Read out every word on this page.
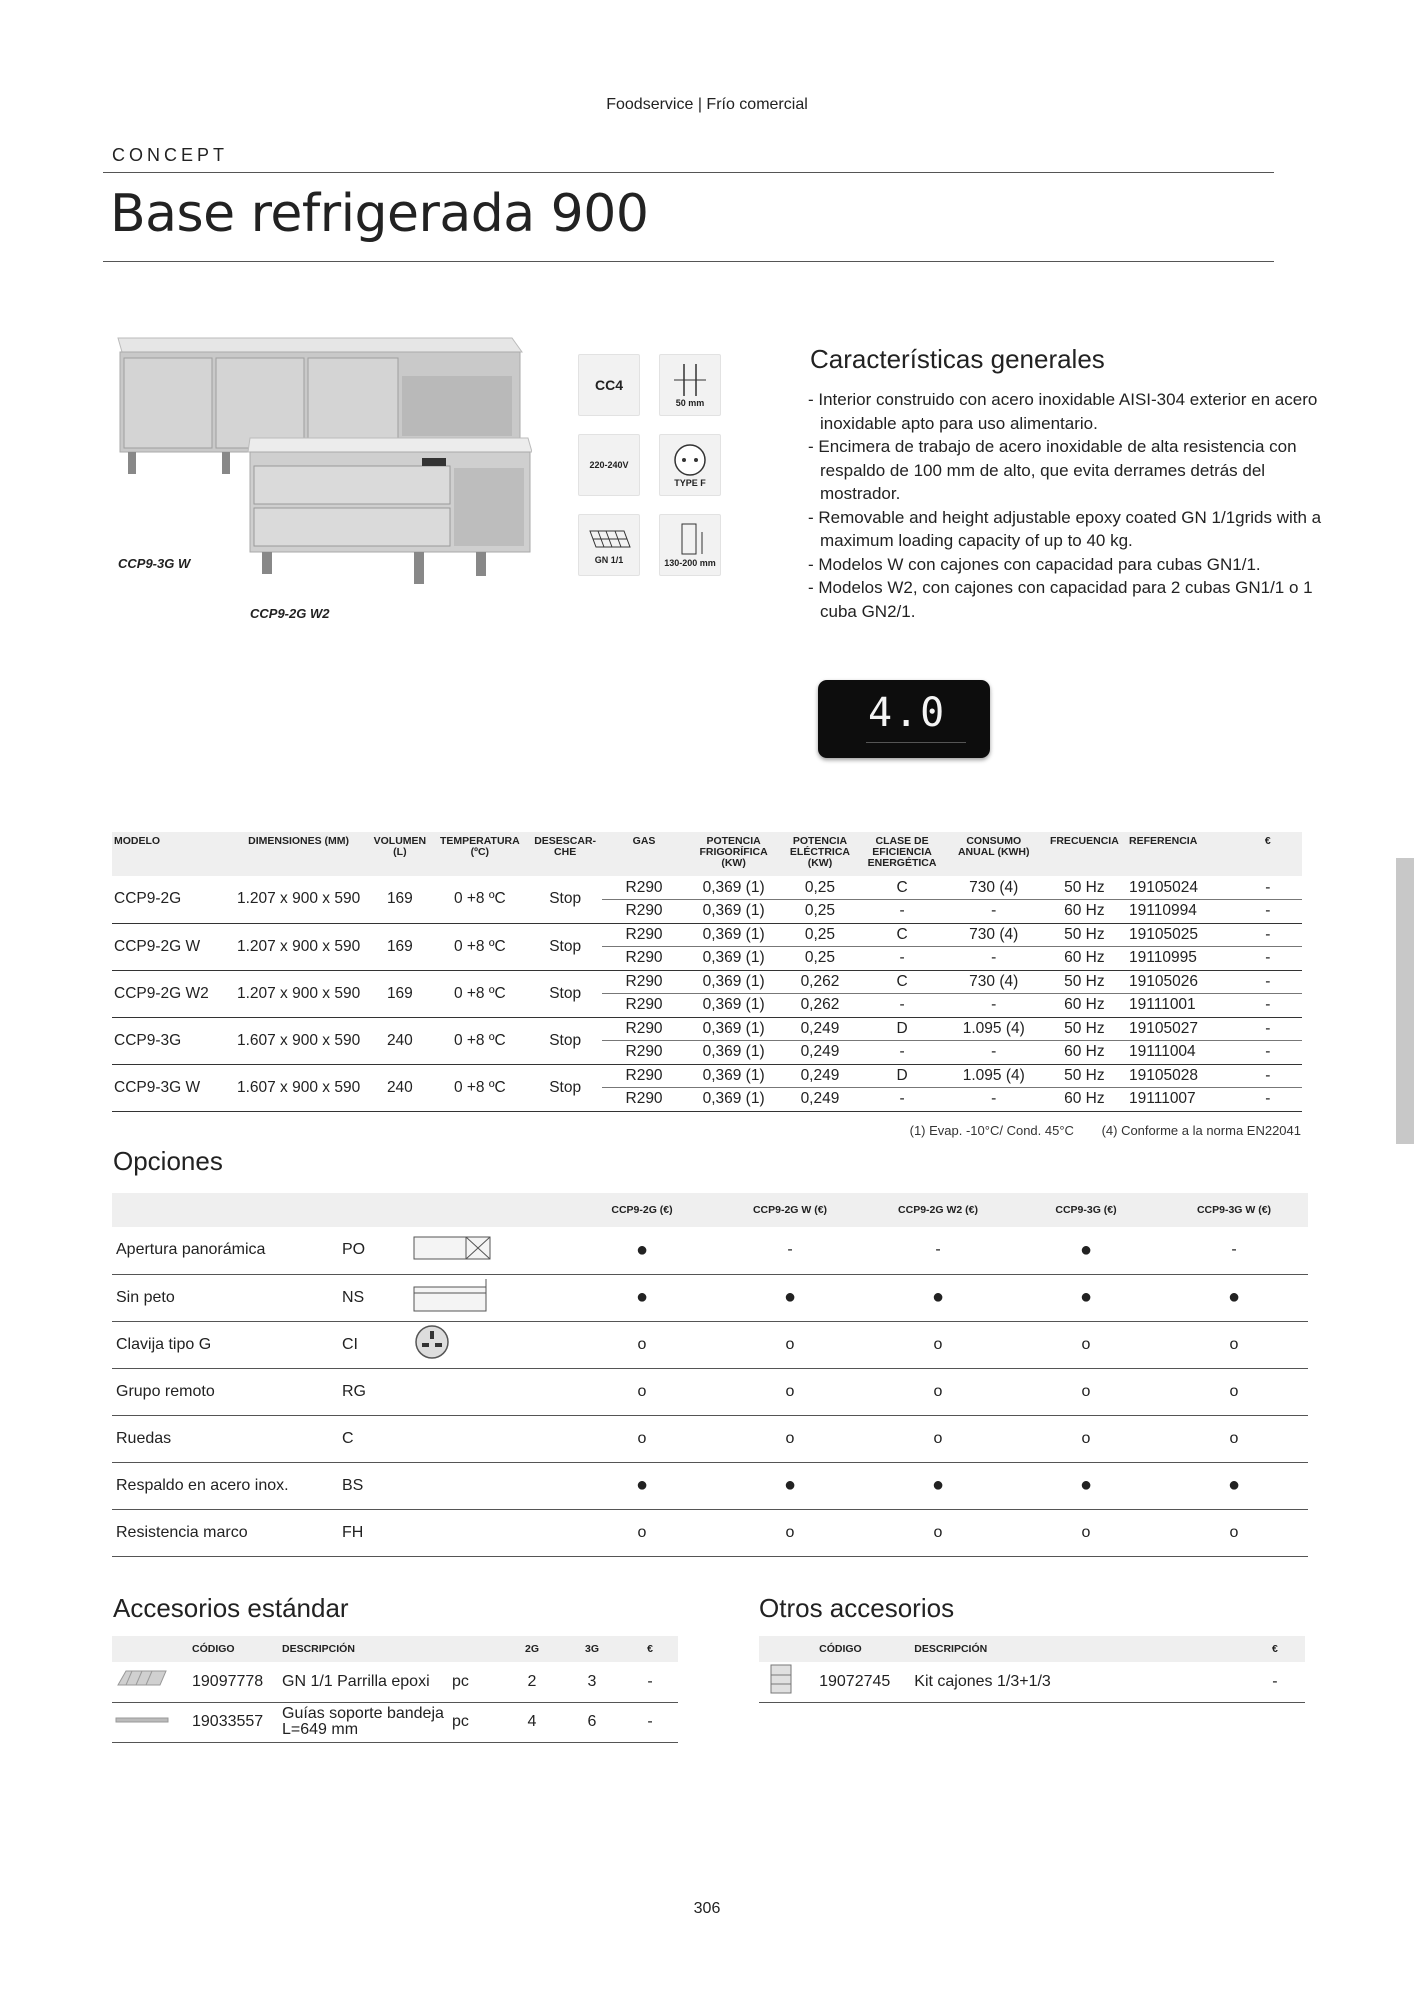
Foodservice | Frío comercial
CONCEPT
Base refrigerada 900
CCP9-3G W
CCP9-2G W2
CC4
50 mm
220-240V
TYPE F
GN 1/1	130-200 mm
Características generales
- Interior construido con acero inoxidable AISI-304 exterior en acero inoxidable apto para uso alimentario.
- Encimera de trabajo de acero inoxidable de alta resistencia con respaldo de 100 mm de alto, que evita derrames detrás del mostrador.
- Removable and height adjustable epoxy coated GN 1/1grids with a maximum loading capacity of up to 40 kg.
- Modelos W con cajones con capacidad para cubas GN1/1.
- Modelos W2, con cajones con capacidad para 2 cubas GN1/1 o 1 cuba GN2/1.
4.0
MODELO	DIMENSIONES (MM)	VOLUMEN (L)	TEMPERATURA (ºC)	DESESCAR- CHE	GAS	POTENCIA FRIGORÍFICA (KW)	POTENCIA ELÉCTRICA (KW)	CLASE DE EFICIENCIA ENERGÉTICA	CONSUMO ANUAL (KWH)	FRECUENCIA	REFERENCIA	€
CCP9-2G	1.207 x 900 x 590	169	0 +8 ºC	Stop	R290	0,369 (1)	0,25	C	730 (4)	50 Hz	19105024	-
					R290	0,369 (1)	0,25	-	-	60 Hz	19110994	-
CCP9-2G W	1.207 x 900 x 590	169	0 +8 ºC	Stop	R290	0,369 (1)	0,25	C	730 (4)	50 Hz	19105025	-
					R290	0,369 (1)	0,25	-	-	60 Hz	19110995	-
CCP9-2G W2	1.207 x 900 x 590	169	0 +8 ºC	Stop	R290	0,369 (1)	0,262	C	730 (4)	50 Hz	19105026	-
					R290	0,369 (1)	0,262	-	-	60 Hz	19111001	-
CCP9-3G	1.607 x 900 x 590	240	0 +8 ºC	Stop	R290	0,369 (1)	0,249	D	1.095 (4)	50 Hz	19105027	-
					R290	0,369 (1)	0,249	-	-	60 Hz	19111004	-
CCP9-3G W	1.607 x 900 x 590	240	0 +8 ºC	Stop	R290	0,369 (1)	0,249	D	1.095 (4)	50 Hz	19105028	-
					R290	0,369 (1)	0,249	-	-	60 Hz	19111007	-
(1) Evap. -10°C/ Cond. 45°C (4) Conforme a la norma EN22041
Opciones
			CCP9-2G (€)	CCP9-2G W (€)	CCP9-2G W2 (€)	CCP9-3G (€)	CCP9-3G W (€)
Apertura panorámica	PO		●	-	-	●	-
Sin peto	NS		●	●	●	●	●
Clavija tipo G	CI		o	o	o	o	o
Grupo remoto	RG		o	o	o	o	o
Ruedas	C		o	o	o	o	o
Respaldo en acero inox.	BS		●	●	●	●	●
Resistencia marco	FH		o	o	o	o	o
Accesorios estándar
	CÓDIGO	DESCRIPCIÓN		2G	3G	€
	19097778	GN 1/1 Parrilla epoxi	pc	2	3	-
	19033557	Guías soporte bandeja L=649 mm	pc	4	6	-
Otros accesorios
	CÓDIGO	DESCRIPCIÓN	€
	19072745	Kit cajones 1/3+1/3	-
306
